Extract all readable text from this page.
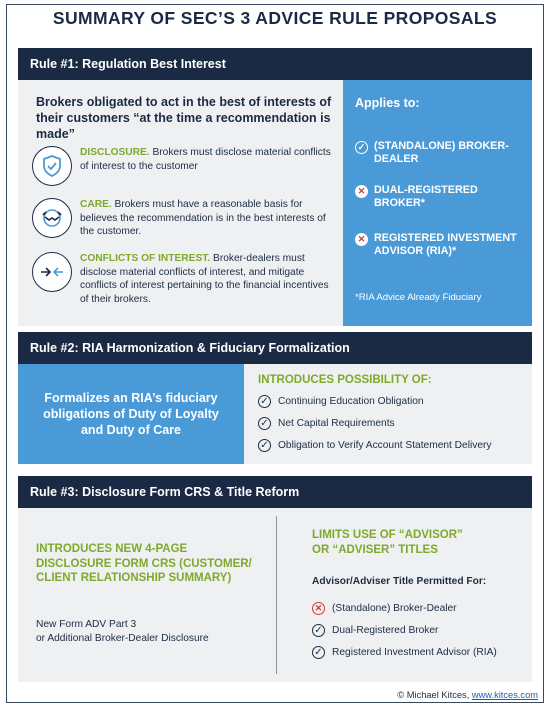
SUMMARY OF SEC’S 3 ADVICE RULE PROPOSALS
Rule #1: Regulation Best Interest
Brokers obligated to act in the best of interests of their customers “at the time a recommendation is made”
DISCLOSURE. Brokers must disclose material conflicts of interest to the customer
CARE. Brokers must have a reasonable basis for believes the recommendation is in the best interests of the customer.
CONFLICTS OF INTEREST. Broker-dealers must disclose material conflicts of interest, and mitigate conflicts of interest pertaining to the financial incentives of their brokers.
Applies to:
✓ (STANDALONE) BROKER-DEALER
✕ DUAL-REGISTERED BROKER*
✕ REGISTERED INVESTMENT ADVISOR (RIA)*
*RIA Advice Already Fiduciary
Rule #2: RIA Harmonization & Fiduciary Formalization
Formalizes an RIA’s fiduciary obligations of Duty of Loyalty and Duty of Care
INTRODUCES POSSIBILITY OF:
✓ Continuing Education Obligation
✓ Net Capital Requirements
✓ Obligation to Verify Account Statement Delivery
Rule #3: Disclosure Form CRS & Title Reform
INTRODUCES NEW 4-PAGE DISCLOSURE FORM CRS (CUSTOMER/ CLIENT RELATIONSHIP SUMMARY)
New Form ADV Part 3
or Additional Broker-Dealer Disclosure
LIMITS USE OF “ADVISOR”
OR “ADVISER” TITLES
Advisor/Adviser Title Permitted For:
✕ (Standalone) Broker-Dealer
✓ Dual-Registered Broker
✓ Registered Investment Advisor (RIA)
© Michael Kitces, www.kitces.com
